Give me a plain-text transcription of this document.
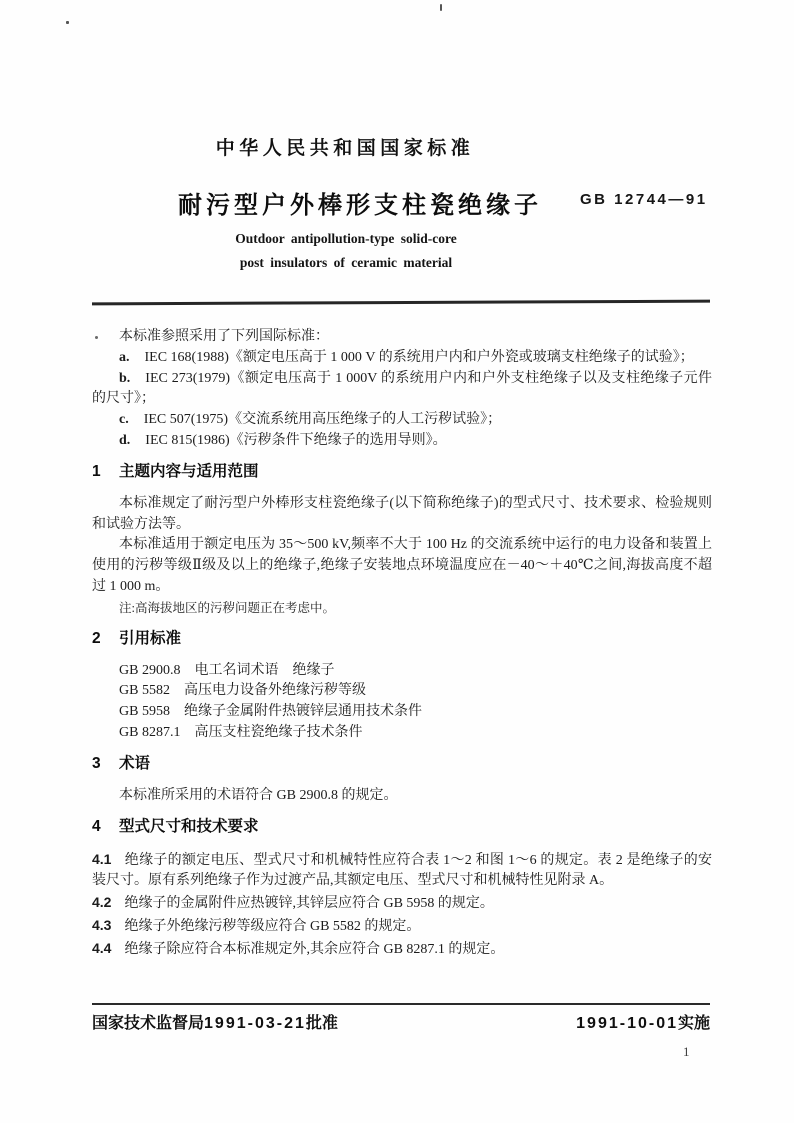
中华人民共和国国家标准
耐污型户外棒形支柱瓷绝缘子	GB 12744—91
Outdoor antipollution-type solid-core
post insulators of ceramic material

本标准参照采用了下列国际标准：

a. IEC 168(1988)《额定电压高于 1 000 V 的系统用户内和户外瓷或玻璃支柱绝缘子的试验》；

b. IEC 273(1979)《额定电压高于 1 000V 的系统用户内和户外支柱绝缘子以及支柱绝缘子元件的尺寸》；

c. IEC 507(1975)《交流系统用高压绝缘子的人工污秽试验》；

d. IEC 815(1986)《污秽条件下绝缘子的选用导则》。

1 主题内容与适用范围

本标准规定了耐污型户外棒形支柱瓷绝缘子(以下简称绝缘子)的型式尺寸、技术要求、检验规则和试验方法等。

本标准适用于额定电压为 35～500 kV,频率不大于 100 Hz 的交流系统中运行的电力设备和装置上使用的污秽等级Ⅱ级及以上的绝缘子,绝缘子安装地点环境温度应在－40～＋40℃之间,海拔高度不超过 1 000 m。

注:高海拔地区的污秽问题正在考虑中。

2 引用标准

GB 2900.8　电工名词术语　绝缘子

GB 5582　高压电力设备外绝缘污秽等级

GB 5958　绝缘子金属附件热镀锌层通用技术条件

GB 8287.1　高压支柱瓷绝缘子技术条件

3 术语

本标准所采用的术语符合 GB 2900.8 的规定。

4 型式尺寸和技术要求

4.1 绝缘子的额定电压、型式尺寸和机械特性应符合表 1～2 和图 1～6 的规定。表 2 是绝缘子的安装尺寸。原有系列绝缘子作为过渡产品,其额定电压、型式尺寸和机械特性见附录 A。

4.2 绝缘子的金属附件应热镀锌,其锌层应符合 GB 5958 的规定。

4.3 绝缘子外绝缘污秽等级应符合 GB 5582 的规定。

4.4 绝缘子除应符合本标准规定外,其余应符合 GB 8287.1 的规定。

国家技术监督局1991-03-21批准	1991-10-01实施
1
